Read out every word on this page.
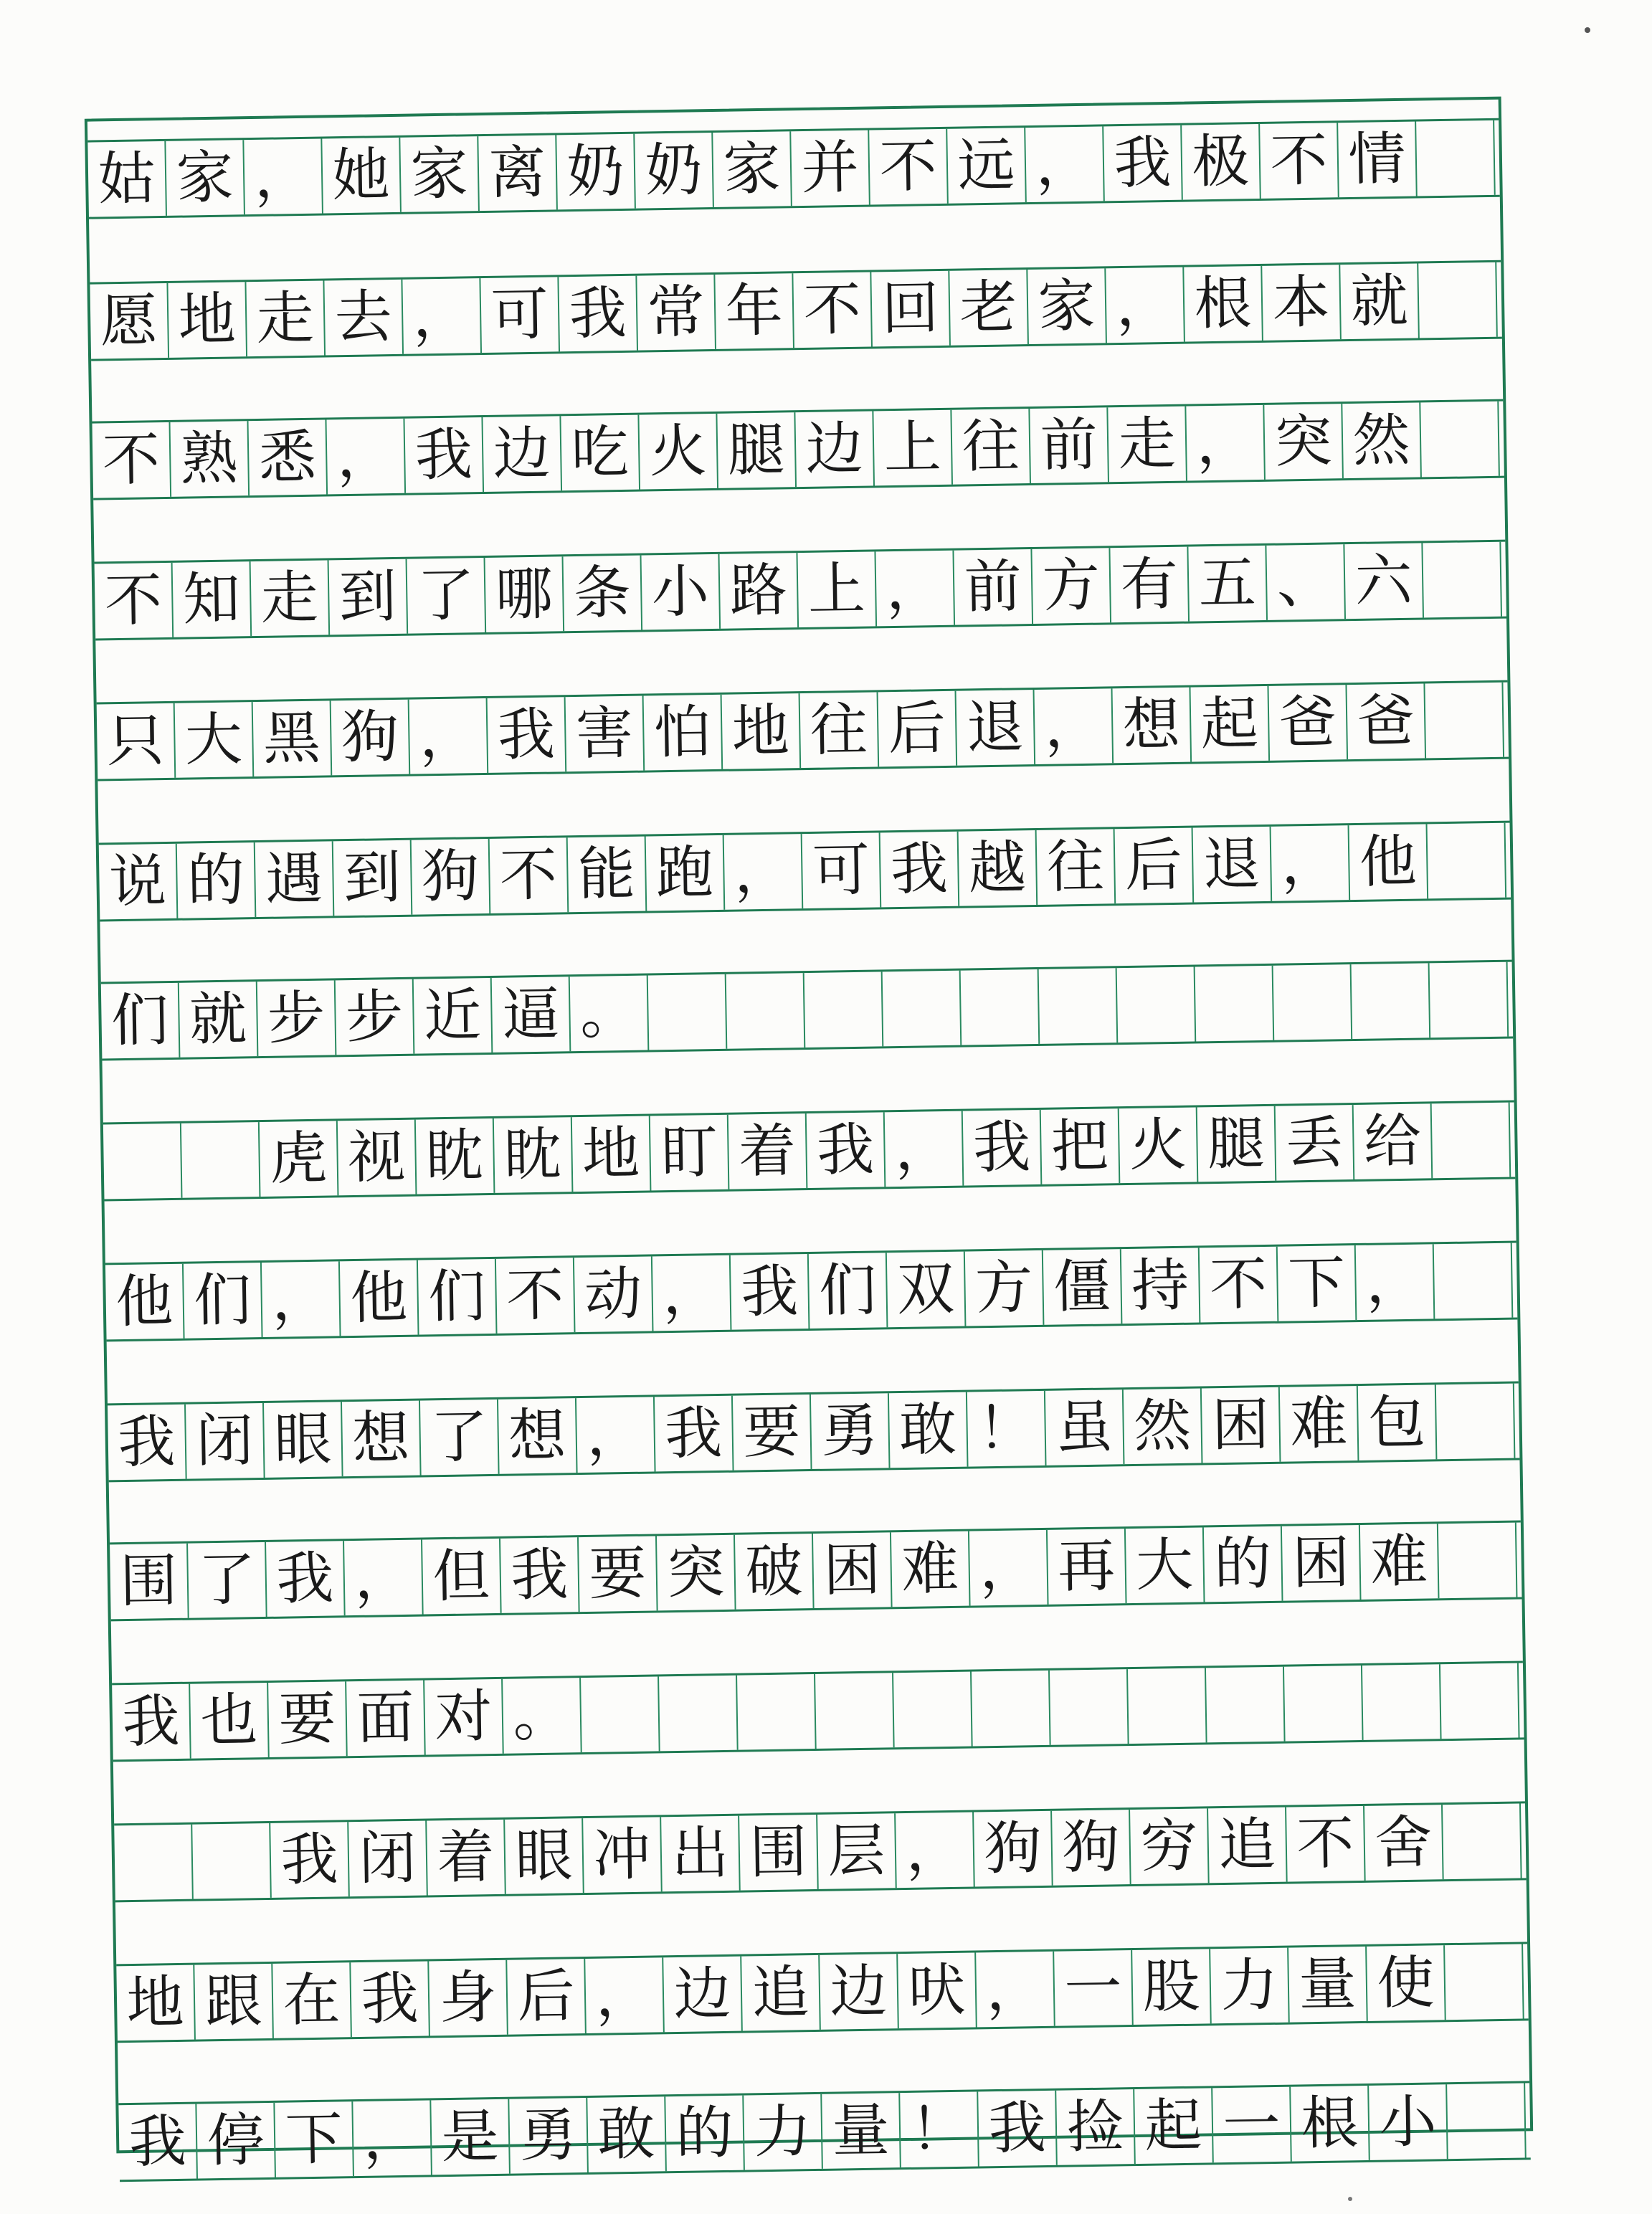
姑 家 ， 她 家 离 奶 奶 家 并 不 远 ， 我 极 不 情
愿 地 走 去 ， 可 我 常 年 不 回 老 家 ， 根 本 就
不 熟 悉 ， 我 边 吃 火 腿 边 上 往 前 走 ， 突 然
不 知 走 到 了 哪 条 小 路 上 ， 前 方 有 五 、 六
只 大 黑 狗 ， 我 害 怕 地 往 后 退 ， 想 起 爸 爸
说 的 遇 到 狗 不 能 跑 ， 可 我 越 往 后 退 ， 他
们 就 步 步 近 逼 。
虎 视 眈 眈 地 盯 着 我 ， 我 把 火 腿 丢 给
他 们 ， 他 们 不 动 ， 我 们 双 方 僵 持 不 下 ，
我 闭 眼 想 了 想 ， 我 要 勇 敢 ！ 虽 然 困 难 包
围 了 我 ， 但 我 要 突 破 困 难 ， 再 大 的 困 难
我 也 要 面 对 。
我 闭 着 眼 冲 出 围 层 ， 狗 狗 穷 追 不 舍
地 跟 在 我 身 后 ， 边 追 边 吠 ， 一 股 力 量 使
我 停 下 ， 是 勇 敢 的 力 量 ！ 我 捡 起 一 根 小
